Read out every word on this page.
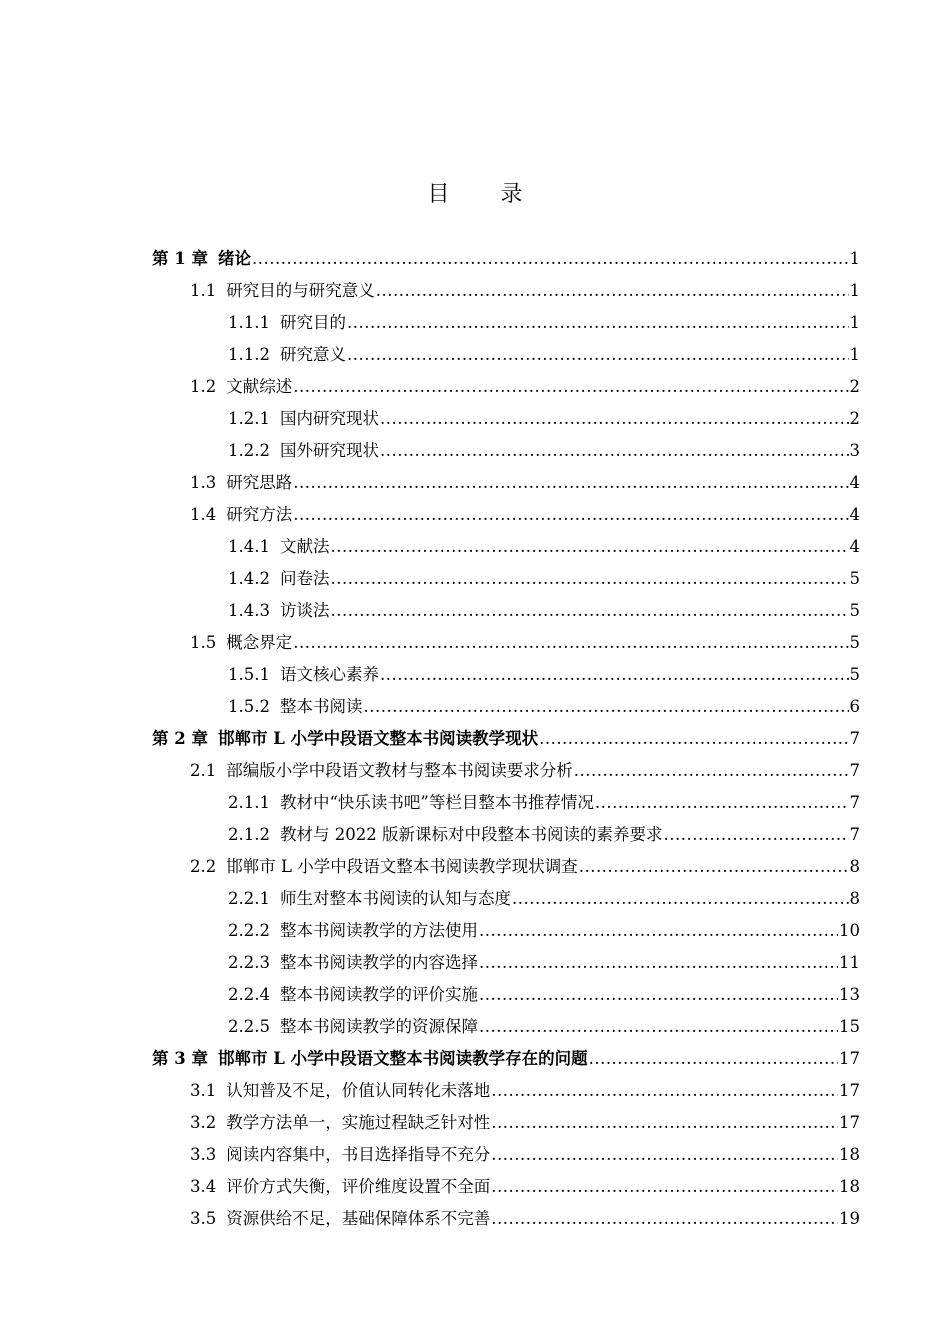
目 录
第 1 章 绪论 .....	1
1.1 研究目的与研究意义 .....	1
1.1.1 研究目的 .....	1
1.1.2 研究意义 .....	1
1.2 文献综述 .....	2
1.2.1 国内研究现状 .....	2
1.2.2 国外研究现状 .....	3
1.3 研究思路 .....	4
1.4 研究方法 .....	4
1.4.1 文献法 .....	4
1.4.2 问卷法 .....	5
1.4.3 访谈法 .....	5
1.5 概念界定 .....	5
1.5.1 语文核心素养 .....	5
1.5.2 整本书阅读 .....	6
第 2 章 邯郸市 L 小学中段语文整本书阅读教学现状 .....	7
2.1 部编版小学中段语文教材与整本书阅读要求分析 .....	7
2.1.1 教材中“快乐读书吧”等栏目整本书推荐情况 .....	7
2.1.2 教材与 2022 版新课标对中段整本书阅读的素养要求 .....	7
2.2 邯郸市 L 小学中段语文整本书阅读教学现状调查 .....	8
2.2.1 师生对整本书阅读的认知与态度 .....	8
2.2.2 整本书阅读教学的方法使用 .....	10
2.2.3 整本书阅读教学的内容选择 .....	11
2.2.4 整本书阅读教学的评价实施 .....	13
2.2.5 整本书阅读教学的资源保障 .....	15
第 3 章 邯郸市 L 小学中段语文整本书阅读教学存在的问题 .....	17
3.1 认知普及不足，价值认同转化未落地 .....	17
3.2 教学方法单一，实施过程缺乏针对性 .....	17
3.3 阅读内容集中，书目选择指导不充分 .....	18
3.4 评价方式失衡，评价维度设置不全面 .....	18
3.5 资源供给不足，基础保障体系不完善 .....	19
